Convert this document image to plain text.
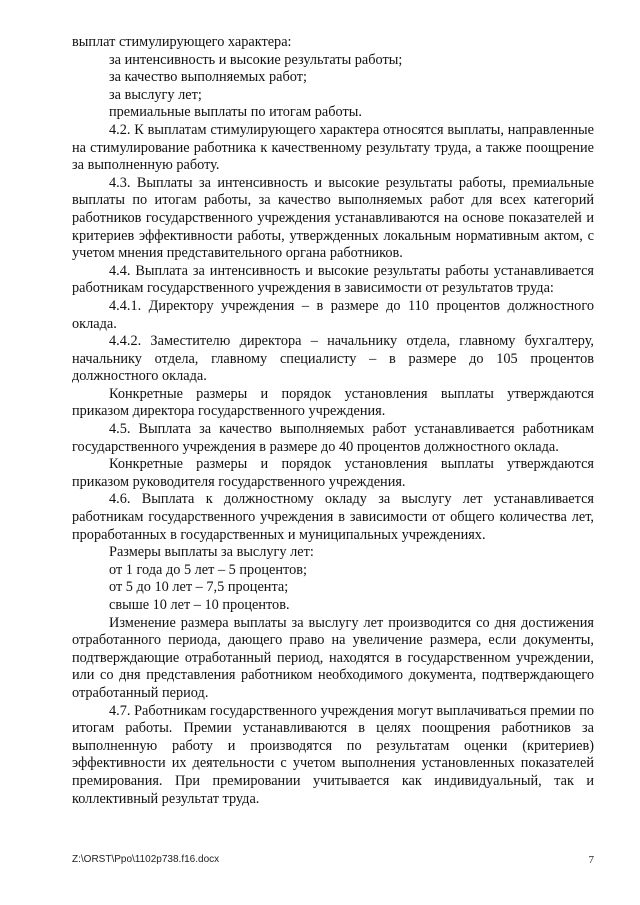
выплат стимулирующего характера:

за интенсивность и высокие результаты работы;

за качество выполняемых работ;

за выслугу лет;

премиальные выплаты по итогам работы.

4.2. К выплатам стимулирующего характера относятся выплаты, направленные на стимулирование работника к качественному результату труда, а также поощрение за выполненную работу.

4.3. Выплаты за интенсивность и высокие результаты работы, премиальные выплаты по итогам работы, за качество выполняемых работ для всех категорий работников государственного учреждения устанавливаются на основе показателей и критериев эффективности работы, утвержденных локальным нормативным актом, с учетом мнения представительного органа работников.

4.4. Выплата за интенсивность и высокие результаты работы устанавливается работникам государственного учреждения в зависимости от результатов труда:

4.4.1. Директору учреждения – в размере до 110 процентов должностного оклада.

4.4.2. Заместителю директора – начальнику отдела, главному бухгалтеру, начальнику отдела, главному специалисту – в размере до 105 процентов должностного оклада.

Конкретные размеры и порядок установления выплаты утверждаются приказом директора государственного учреждения.

4.5. Выплата за качество выполняемых работ устанавливается работникам государственного учреждения в размере до 40 процентов должностного оклада.

Конкретные размеры и порядок установления выплаты утверждаются приказом руководителя государственного учреждения.

4.6. Выплата к должностному окладу за выслугу лет устанавливается работникам государственного учреждения в зависимости от общего количества лет, проработанных в государственных и муниципальных учреждениях.

Размеры выплаты за выслугу лет:

от 1 года до 5 лет – 5 процентов;

от 5 до 10 лет – 7,5 процента;

свыше 10 лет – 10 процентов.

Изменение размера выплаты за выслугу лет производится со дня достижения отработанного периода, дающего право на увеличение размера, если документы, подтверждающие отработанный период, находятся в государственном учреждении, или со дня представления работником необходимого документа, подтверждающего отработанный период.

4.7. Работникам государственного учреждения могут выплачиваться премии по итогам работы. Премии устанавливаются в целях поощрения работников за выполненную работу и производятся по результатам оценки (критериев) эффективности их деятельности с учетом выполнения установленных показателей премирования. При премировании учитывается как индивидуальный, так и коллективный результат труда.

Z:\ORST\Ppo\1102p738.f16.docx	7
